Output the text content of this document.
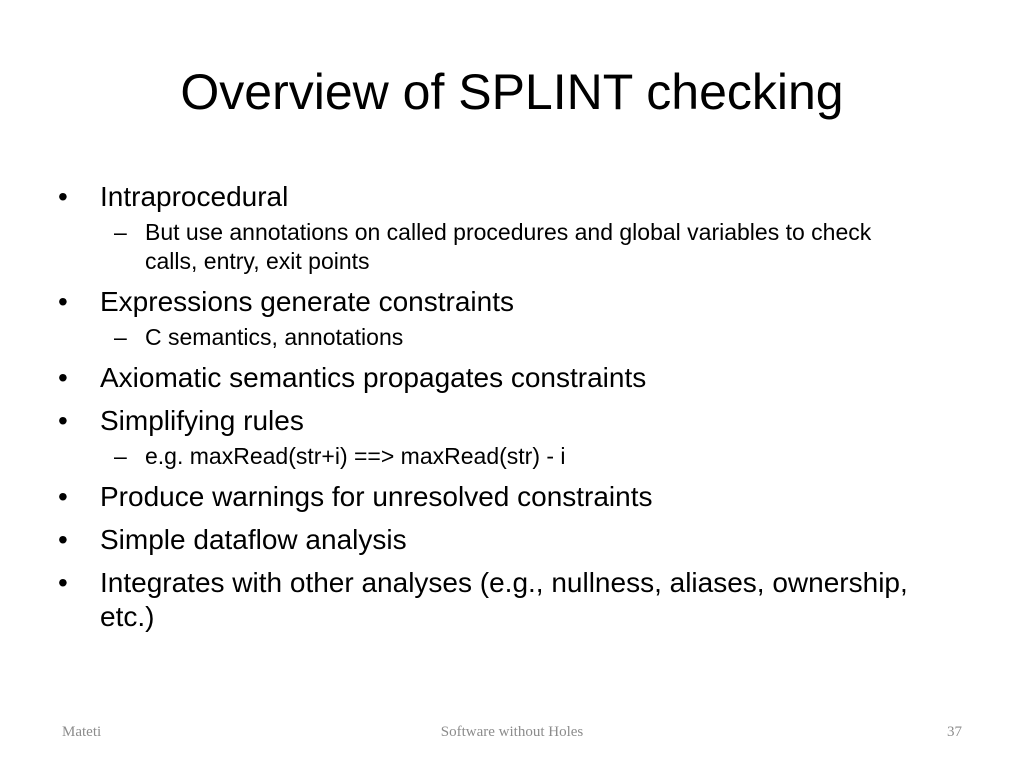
Overview of SPLINT checking
• Intraprocedural
– But use annotations on called procedures and global variables to check calls, entry, exit points
• Expressions generate constraints
– C semantics, annotations
• Axiomatic semantics propagates constraints
• Simplifying rules
– e.g. maxRead(str+i) ==> maxRead(str) - i
• Produce warnings for unresolved constraints
• Simple dataflow analysis
• Integrates with other analyses (e.g., nullness, aliases, ownership, etc.)
Mateti	Software without Holes	37
